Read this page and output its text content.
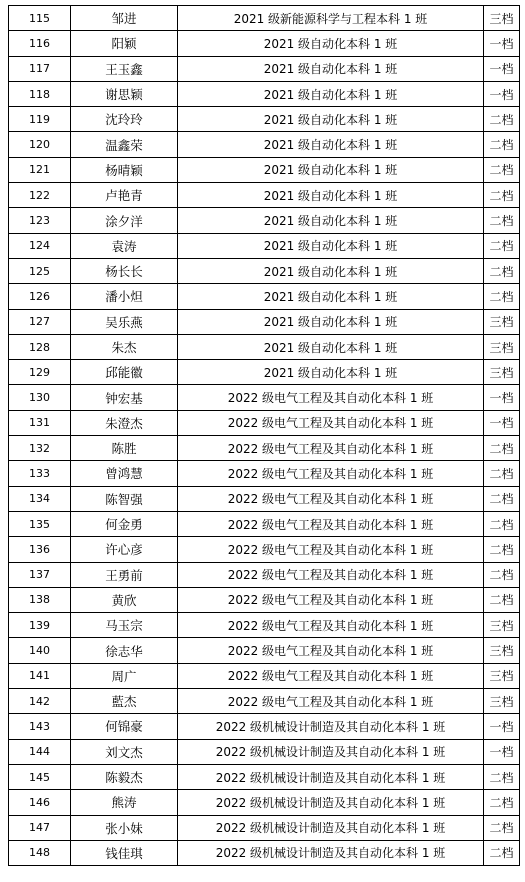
115	邹进	2021 级新能源科学与工程本科 1 班	三档
116	阳颖	2021 级自动化本科 1 班	一档
117	王玉鑫	2021 级自动化本科 1 班	一档
118	谢思颖	2021 级自动化本科 1 班	一档
119	沈玲玲	2021 级自动化本科 1 班	二档
120	温鑫荣	2021 级自动化本科 1 班	二档
121	杨晴颖	2021 级自动化本科 1 班	二档
122	卢艳青	2021 级自动化本科 1 班	二档
123	涂夕洋	2021 级自动化本科 1 班	二档
124	袁涛	2021 级自动化本科 1 班	二档
125	杨长长	2021 级自动化本科 1 班	二档
126	潘小炟	2021 级自动化本科 1 班	二档
127	吴乐燕	2021 级自动化本科 1 班	三档
128	朱杰	2021 级自动化本科 1 班	三档
129	邱能徽	2021 级自动化本科 1 班	三档
130	钟宏基	2022 级电气工程及其自动化本科 1 班	一档
131	朱澄杰	2022 级电气工程及其自动化本科 1 班	一档
132	陈胜	2022 级电气工程及其自动化本科 1 班	二档
133	曾鸿慧	2022 级电气工程及其自动化本科 1 班	二档
134	陈智强	2022 级电气工程及其自动化本科 1 班	二档
135	何金勇	2022 级电气工程及其自动化本科 1 班	二档
136	许心彦	2022 级电气工程及其自动化本科 1 班	二档
137	王勇前	2022 级电气工程及其自动化本科 1 班	二档
138	黄欣	2022 级电气工程及其自动化本科 1 班	二档
139	马玉宗	2022 级电气工程及其自动化本科 1 班	三档
140	徐志华	2022 级电气工程及其自动化本科 1 班	三档
141	周广	2022 级电气工程及其自动化本科 1 班	三档
142	藍杰	2022 级电气工程及其自动化本科 1 班	三档
143	何锦豪	2022 级机械设计制造及其自动化本科 1 班	一档
144	刘文杰	2022 级机械设计制造及其自动化本科 1 班	一档
145	陈毅杰	2022 级机械设计制造及其自动化本科 1 班	二档
146	熊涛	2022 级机械设计制造及其自动化本科 1 班	二档
147	张小妹	2022 级机械设计制造及其自动化本科 1 班	二档
148	钱佳琪	2022 级机械设计制造及其自动化本科 1 班	二档
